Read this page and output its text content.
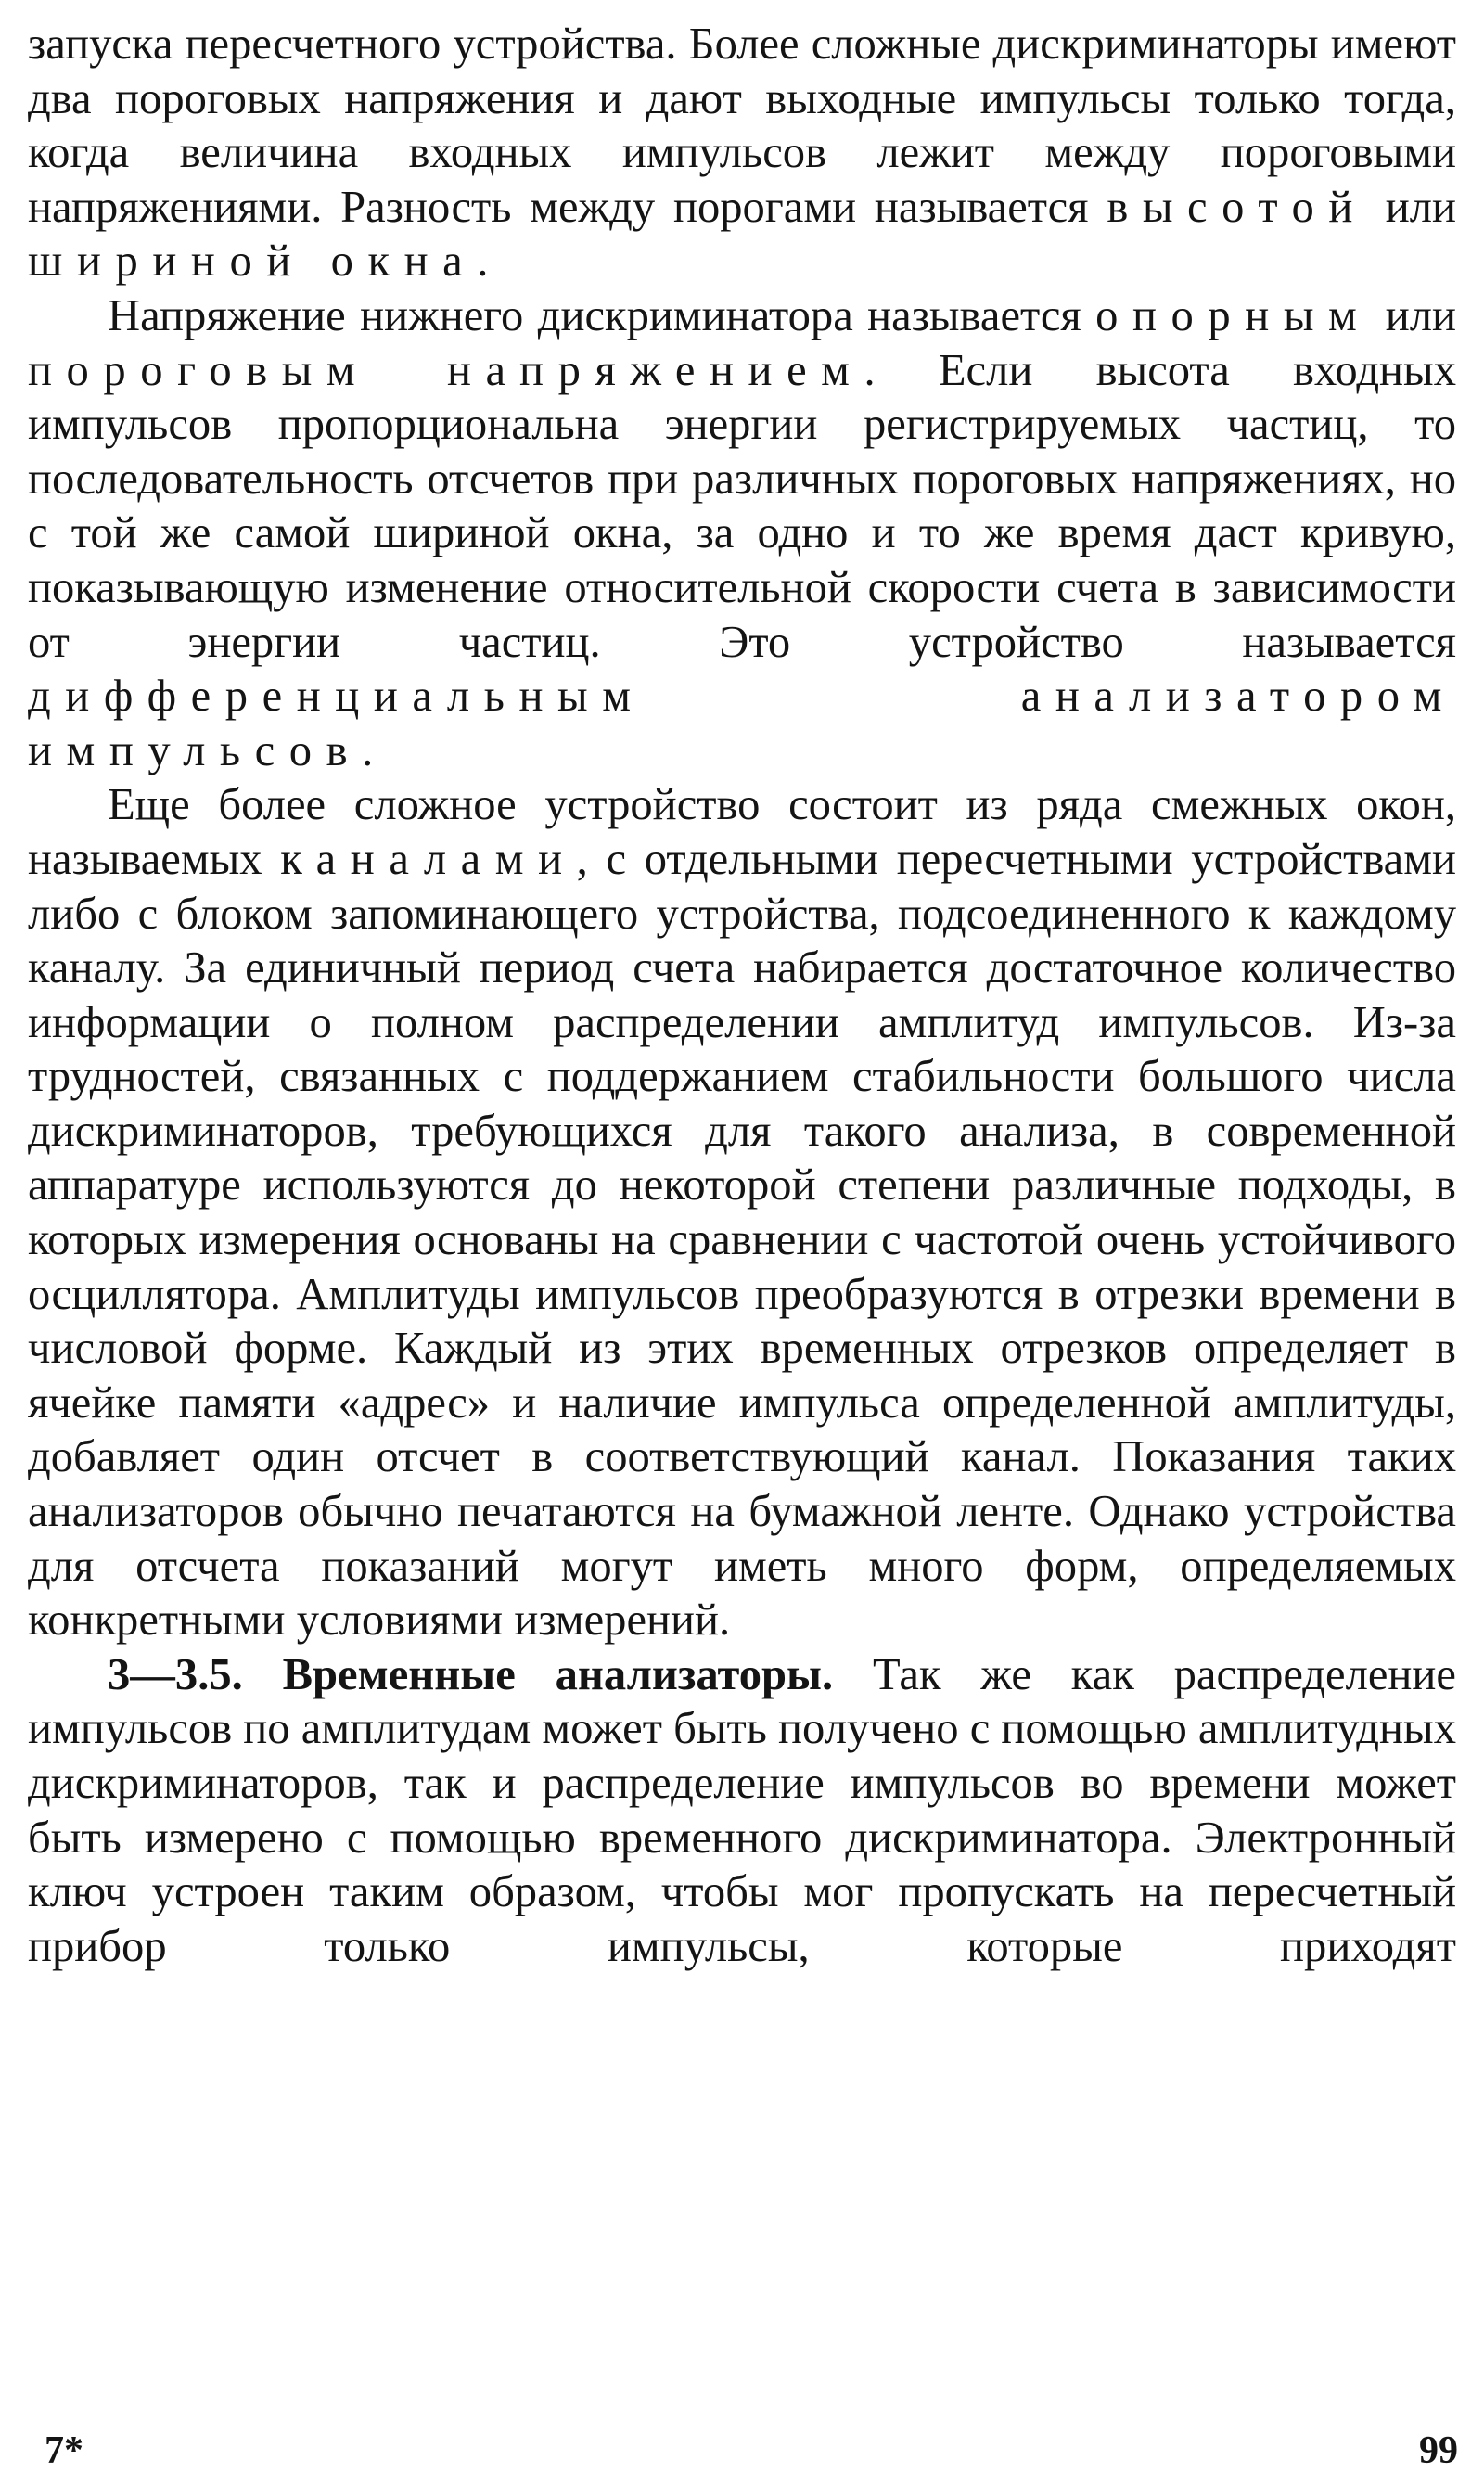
запуска пересчетного устройства. Более сложные дискриминаторы имеют два пороговых напряжения и дают выходные импульсы только тогда, когда величина входных импульсов лежит между пороговыми напряжениями. Разность между порогами называется высотой или шириной окна.

Напряжение нижнего дискриминатора называется опорным или пороговым напряжением. Если высота входных импульсов пропорциональна энергии регистрируемых частиц, то последовательность отсчетов при различных пороговых напряжениях, но с той же самой шириной окна, за одно и то же время даст кривую, показывающую изменение относительной скорости счета в зависимости от энергии частиц. Это устройство называется дифференциальным анализатором импульсов.

Еще более сложное устройство состоит из ряда смежных окон, называемых каналами, с отдельными пересчетными устройствами либо с блоком запоминающего устройства, подсоединенного к каждому каналу. За единичный период счета набирается достаточное количество информации о полном распределении амплитуд импульсов. Из-за трудностей, связанных с поддержанием стабильности большого числа дискриминаторов, требующихся для такого анализа, в современной аппаратуре используются до некоторой степени различные подходы, в которых измерения основаны на сравнении с частотой очень устойчивого осциллятора. Амплитуды импульсов преобразуются в отрезки времени в числовой форме. Каждый из этих временных отрезков определяет в ячейке памяти «адрес» и наличие импульса определенной амплитуды, добавляет один отсчет в соответствующий канал. Показания таких анализаторов обычно печатаются на бумажной ленте. Однако устройства для отсчета показаний могут иметь много форм, определяемых конкретными условиями измерений.

3—3.5. Временные анализаторы. Так же как распределение импульсов по амплитудам может быть получено с помощью амплитудных дискриминаторов, так и распределение импульсов во времени может быть измерено с помощью временного дискриминатора. Электронный ключ устроен таким образом, чтобы мог пропускать на пересчетный прибор только импульсы, которые приходят

7*	99
